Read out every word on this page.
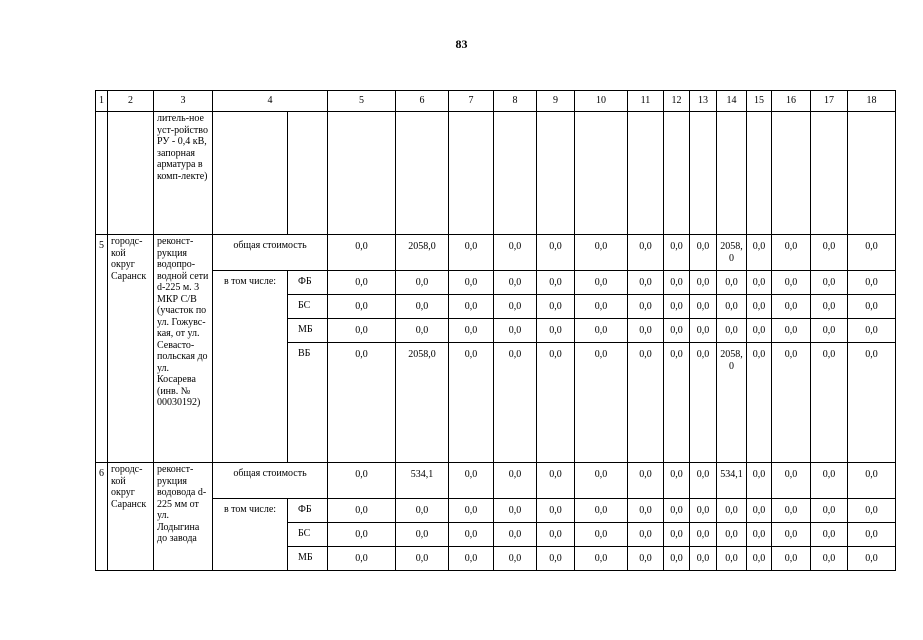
83
1	2	3	4		5	6	7	8	9	10	11	12	13	14	15	16	17	18
		литель-ное уст-ройство РУ - 0,4 кВ, запорная арматура в комп-лекте)																
5	городс-кой округ Саранск	реконст-рукция водопро-водной сети d-225 м. 3 МКР С/В (участок по ул. Гожувс-кая, от ул. Севасто-польская до ул. Косарева (инв. № 00030192)	общая стоимость		0,0	2058,0	0,0	0,0	0,0	0,0	0,0	0,0	0,0	2058,0	0,0	0,0	0,0	0,0
			в том числе:	ФБ	0,0	0,0	0,0	0,0	0,0	0,0	0,0	0,0	0,0	0,0	0,0	0,0	0,0	0,0
				БС	0,0	0,0	0,0	0,0	0,0	0,0	0,0	0,0	0,0	0,0	0,0	0,0	0,0	0,0
				МБ	0,0	0,0	0,0	0,0	0,0	0,0	0,0	0,0	0,0	0,0	0,0	0,0	0,0	0,0
				ВБ	0,0	2058,0	0,0	0,0	0,0	0,0	0,0	0,0	0,0	2058,0	0,0	0,0	0,0	0,0
6	городс-кой округ Саранск	реконст-рукция водовода d-225 мм от ул. Лодыгина до завода	общая стоимость		0,0	534,1	0,0	0,0	0,0	0,0	0,0	0,0	0,0	534,1	0,0	0,0	0,0	0,0
			в том числе:	ФБ	0,0	0,0	0,0	0,0	0,0	0,0	0,0	0,0	0,0	0,0	0,0	0,0	0,0	0,0
				БС	0,0	0,0	0,0	0,0	0,0	0,0	0,0	0,0	0,0	0,0	0,0	0,0	0,0	0,0
				МБ	0,0	0,0	0,0	0,0	0,0	0,0	0,0	0,0	0,0	0,0	0,0	0,0	0,0	0,0
